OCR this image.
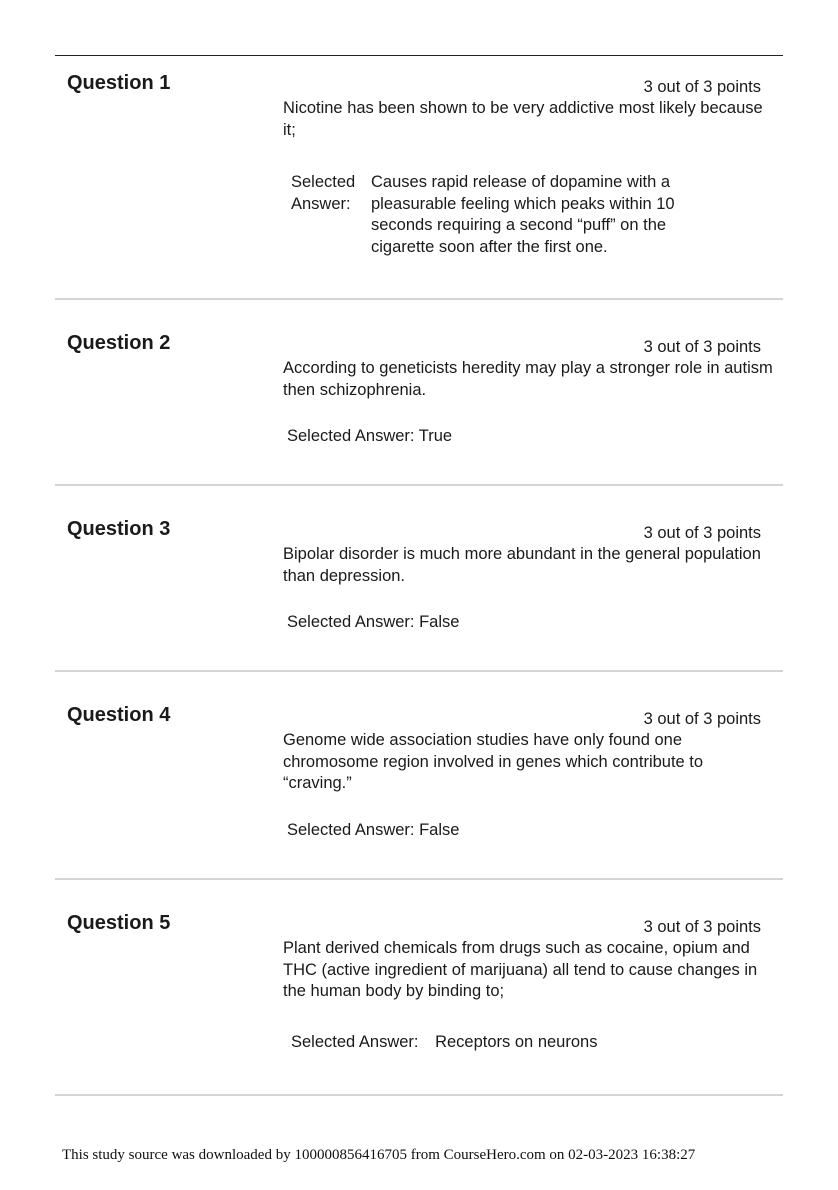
Question 1	3 out of 3 points
Nicotine has been shown to be very addictive most likely because it;
Selected Answer:
Causes rapid release of dopamine with a pleasurable feeling which peaks within 10 seconds requiring a second “puff” on the cigarette soon after the first one.
Question 2	3 out of 3 points
According to geneticists heredity may play a stronger role in autism then schizophrenia.
Selected Answer: True
Question 3	3 out of 3 points
Bipolar disorder is much more abundant in the general population than depression.
Selected Answer: False
Question 4	3 out of 3 points
Genome wide association studies have only found one chromosome region involved in genes which contribute to “craving.”
Selected Answer: False
Question 5	3 out of 3 points
Plant derived chemicals from drugs such as cocaine, opium and THC (active ingredient of marijuana) all tend to cause changes in the human body by binding to;
Selected Answer: Receptors on neurons
This study source was downloaded by 100000856416705 from CourseHero.com on 02-03-2023 16:38:27
